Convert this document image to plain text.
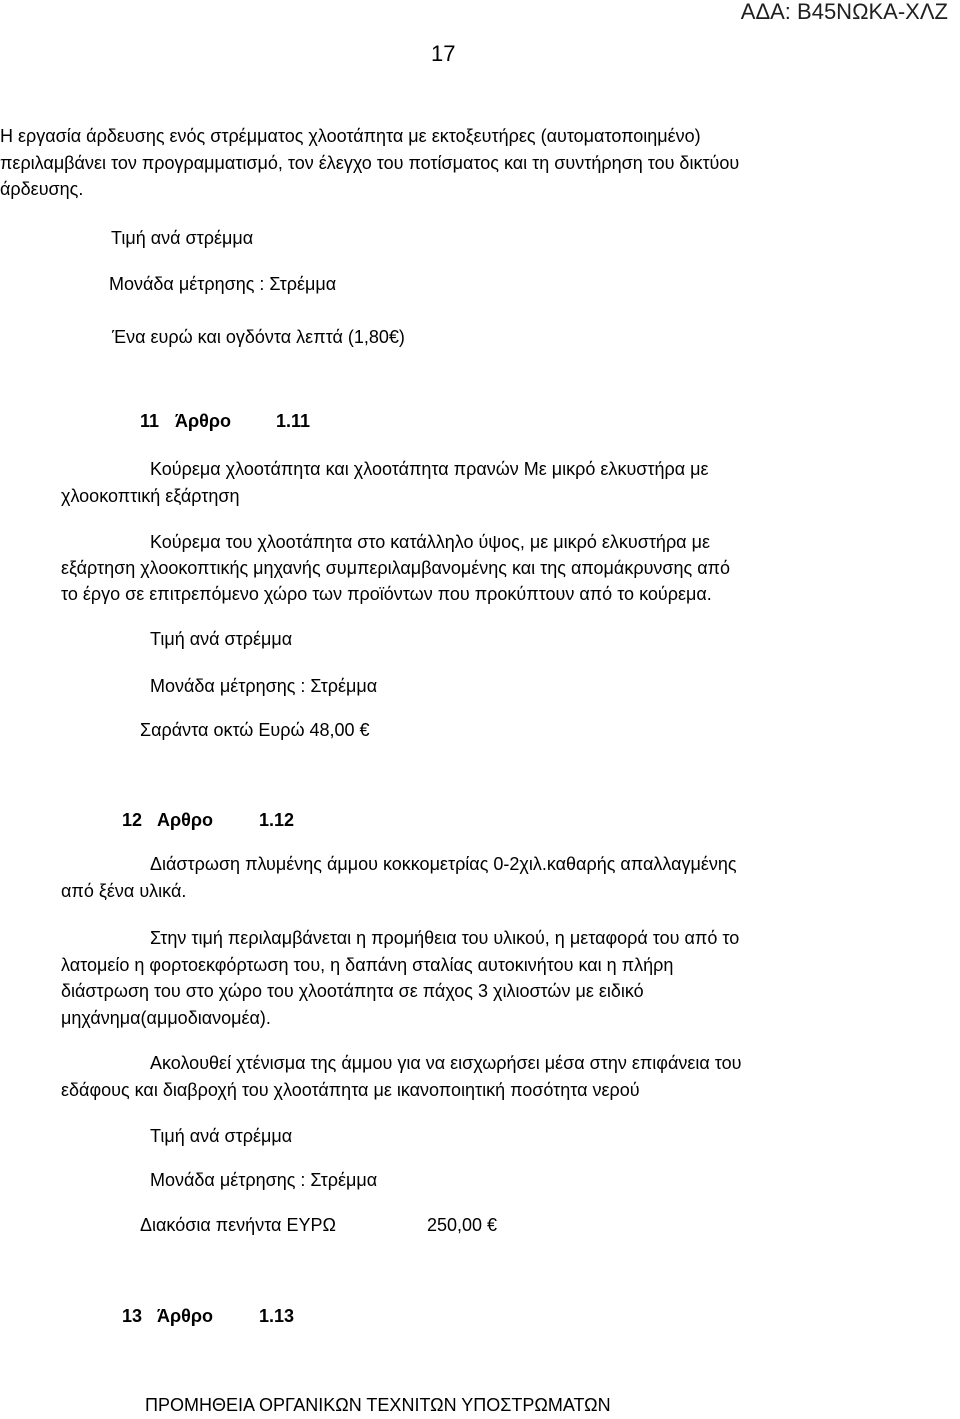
ΑΔΑ: Β45ΝΩΚΑ-ΧΛΖ
17
Η εργασία άρδευσης ενός στρέμματος χλοοτάπητα με εκτοξευτήρες (αυτοματοποιημένο)
περιλαμβάνει τον προγραμματισμό, τον έλεγχο του ποτίσματος και τη συντήρηση του δικτύου
άρδευσης.
Τιμή ανά στρέμμα
Μονάδα μέτρησης : Στρέμμα
Ένα ευρώ και ογδόντα λεπτά (1,80€)
11 Άρθρο	1.11
Κούρεμα χλοοτάπητα και χλοοτάπητα πρανών Με μικρό ελκυστήρα με
χλοοκοπτική εξάρτηση
Κούρεμα του χλοοτάπητα στο κατάλληλο ύψος, με μικρό ελκυστήρα με
εξάρτηση χλοοκοπτικής μηχανής συμπεριλαμβανομένης και της απομάκρυνσης από
το έργο σε επιτρεπόμενο χώρο των προϊόντων που προκύπτουν από το κούρεμα.
Τιμή ανά στρέμμα
Μονάδα μέτρησης : Στρέμμα
Σαράντα οκτώ Ευρώ 48,00 €
12 Αρθρο	1.12
Διάστρωση πλυμένης άμμου κοκκομετρίας 0-2χιλ.καθαρής απαλλαγμένης
από ξένα υλικά.
Στην τιμή περιλαμβάνεται η προμήθεια του υλικού, η μεταφορά του από το
λατομείο η φορτοεκφόρτωση του, η δαπάνη σταλίας αυτοκινήτου και η πλήρη
διάστρωση του στο χώρο του χλοοτάπητα σε πάχος 3 χιλιοστών με ειδικό
μηχάνημα(αμμοδιανομέα).
Ακολουθεί χτένισμα της άμμου για να εισχωρήσει μέσα στην επιφάνεια του
εδάφους και διαβροχή του χλοοτάπητα με ικανοποιητική ποσότητα νερού
Τιμή ανά στρέμμα
Μονάδα μέτρησης : Στρέμμα
Διακόσια πενήντα ΕΥΡΩ	250,00 €
13 Άρθρο	1.13
ΠΡΟΜΗΘΕΙΑ ΟΡΓΑΝΙΚΩΝ ΤΕΧΝΙΤΩΝ ΥΠΟΣΤΡΩΜΑΤΩΝ
